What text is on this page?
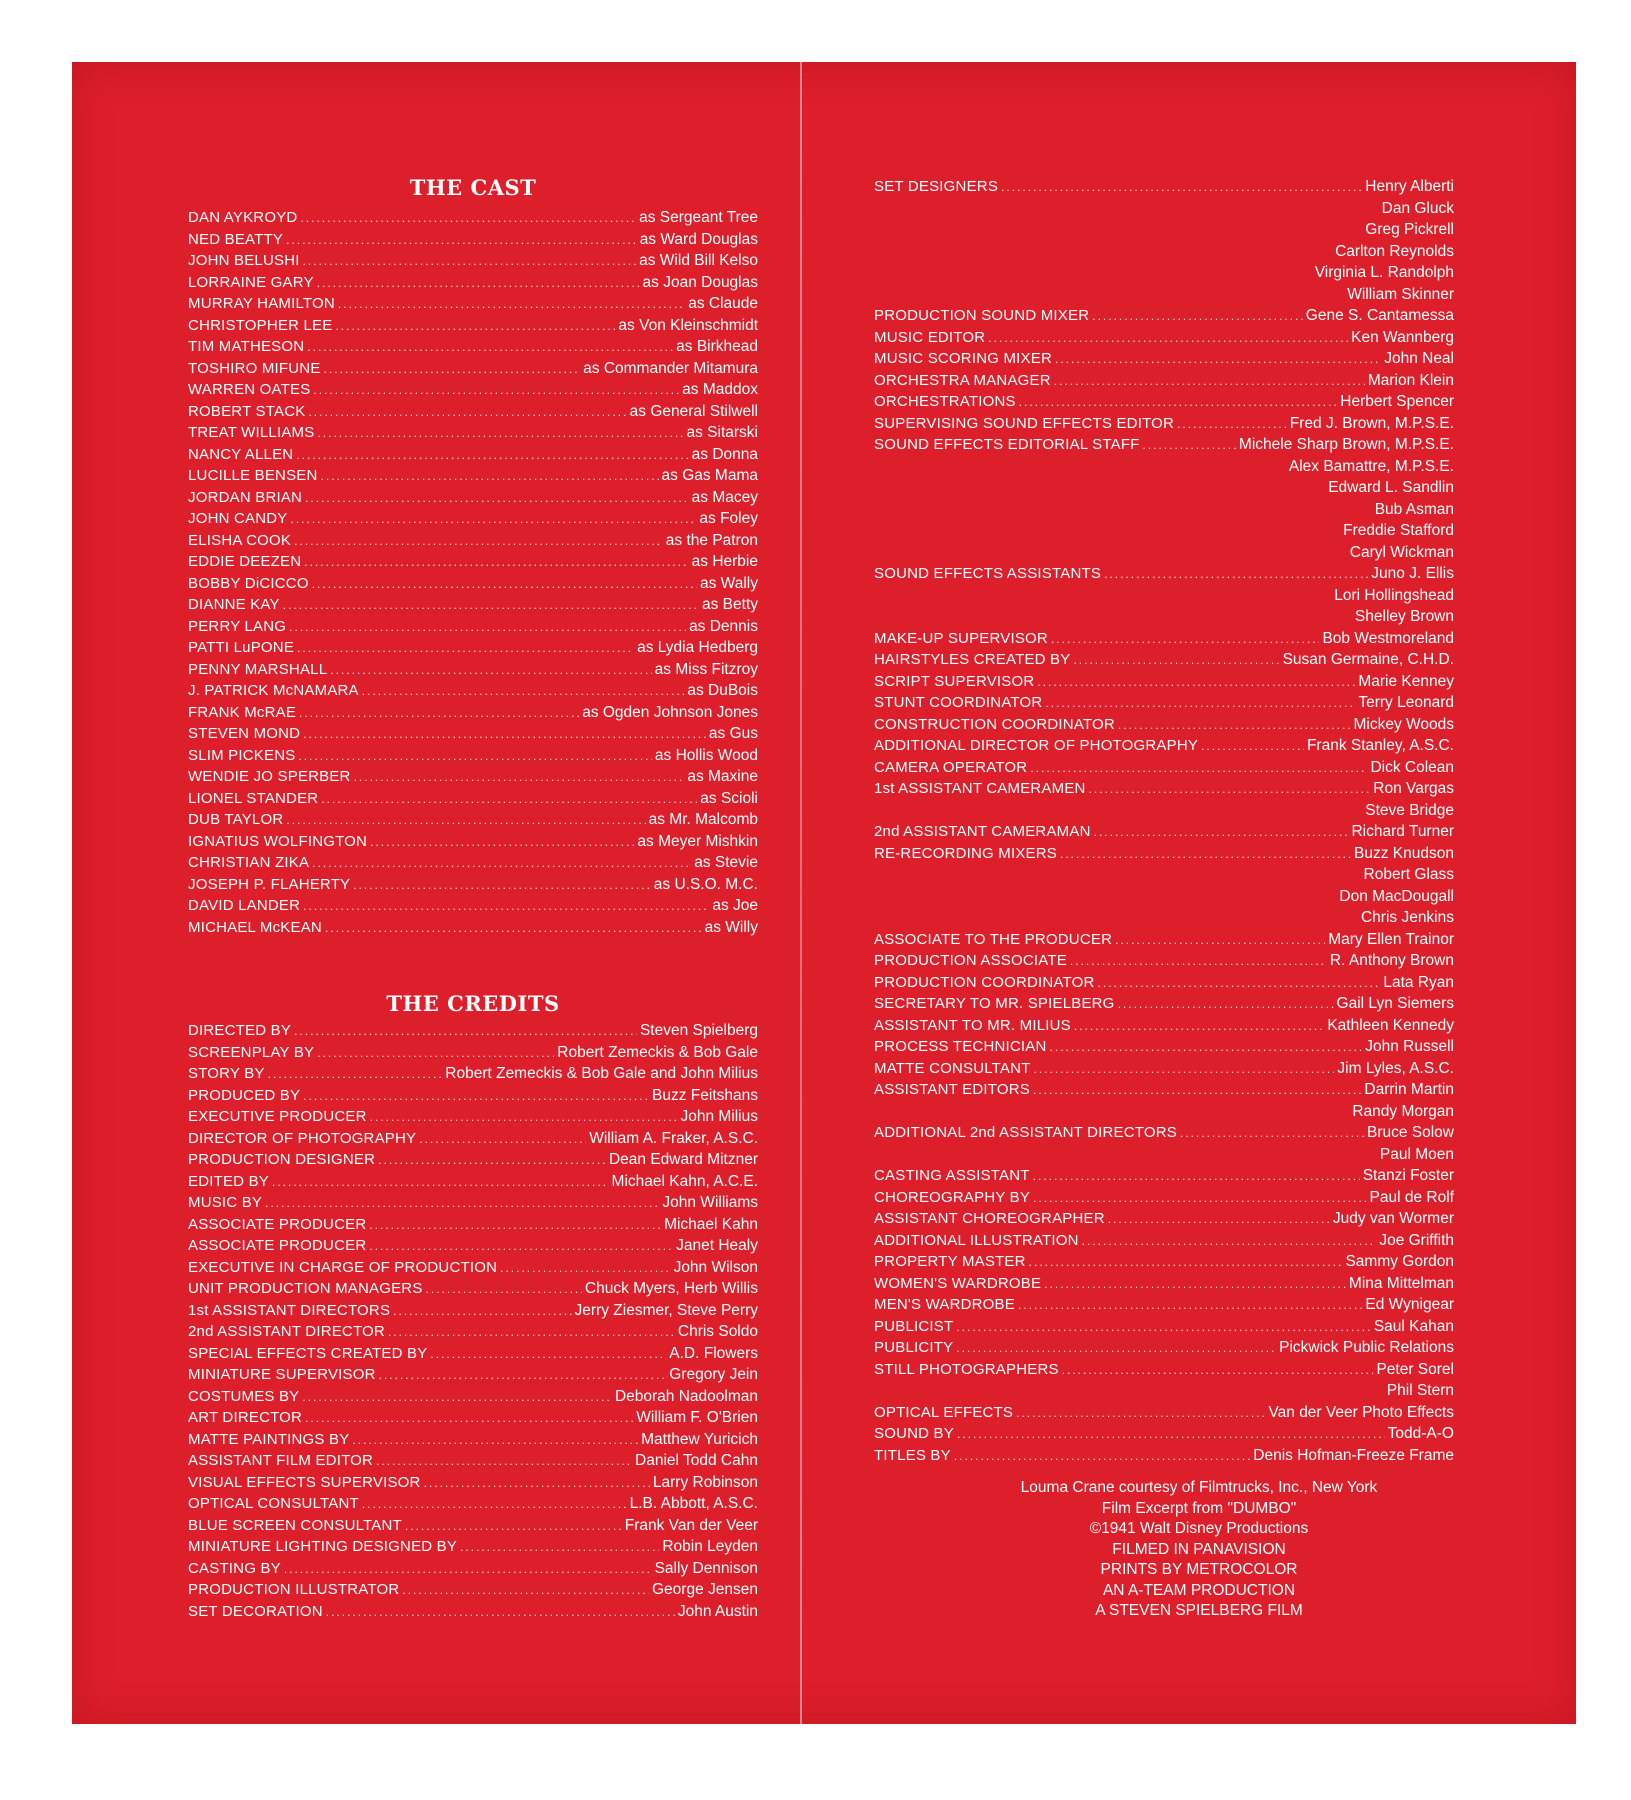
THE CAST
DAN AYKROYD .....	as Sergeant Tree
NED BEATTY .....	as Ward Douglas
JOHN BELUSHI .....	as Wild Bill Kelso
LORRAINE GARY .....	as Joan Douglas
MURRAY HAMILTON .....	as Claude
CHRISTOPHER LEE .....	as Von Kleinschmidt
TIM MATHESON .....	as Birkhead
TOSHIRO MIFUNE .....	as Commander Mitamura
WARREN OATES .....	as Maddox
ROBERT STACK .....	as General Stilwell
TREAT WILLIAMS .....	as Sitarski
NANCY ALLEN .....	as Donna
LUCILLE BENSEN .....	as Gas Mama
JORDAN BRIAN .....	as Macey
JOHN CANDY .....	as Foley
ELISHA COOK .....	as the Patron
EDDIE DEEZEN .....	as Herbie
BOBBY DiCICCO .....	as Wally
DIANNE KAY .....	as Betty
PERRY LANG .....	as Dennis
PATTI LuPONE .....	as Lydia Hedberg
PENNY MARSHALL .....	as Miss Fitzroy
J. PATRICK McNAMARA .....	as DuBois
FRANK McRAE .....	as Ogden Johnson Jones
STEVEN MOND .....	as Gus
SLIM PICKENS .....	as Hollis Wood
WENDIE JO SPERBER .....	as Maxine
LIONEL STANDER .....	as Scioli
DUB TAYLOR .....	as Mr. Malcomb
IGNATIUS WOLFINGTON .....	as Meyer Mishkin
CHRISTIAN ZIKA .....	as Stevie
JOSEPH P. FLAHERTY .....	as U.S.O. M.C.
DAVID LANDER .....	as Joe
MICHAEL McKEAN .....	as Willy
THE CREDITS
DIRECTED BY .....	Steven Spielberg
SCREENPLAY BY .....	Robert Zemeckis & Bob Gale
STORY BY .....	Robert Zemeckis & Bob Gale and John Milius
PRODUCED BY .....	Buzz Feitshans
EXECUTIVE PRODUCER .....	John Milius
DIRECTOR OF PHOTOGRAPHY .....	William A. Fraker, A.S.C.
PRODUCTION DESIGNER .....	Dean Edward Mitzner
EDITED BY .....	Michael Kahn, A.C.E.
MUSIC BY .....	John Williams
ASSOCIATE PRODUCER .....	Michael Kahn
ASSOCIATE PRODUCER .....	Janet Healy
EXECUTIVE IN CHARGE OF PRODUCTION .....	John Wilson
UNIT PRODUCTION MANAGERS .....	Chuck Myers, Herb Willis
1st ASSISTANT DIRECTORS .....	Jerry Ziesmer, Steve Perry
2nd ASSISTANT DIRECTOR .....	Chris Soldo
SPECIAL EFFECTS CREATED BY .....	A.D. Flowers
MINIATURE SUPERVISOR .....	Gregory Jein
COSTUMES BY .....	Deborah Nadoolman
ART DIRECTOR .....	William F. O'Brien
MATTE PAINTINGS BY .....	Matthew Yuricich
ASSISTANT FILM EDITOR .....	Daniel Todd Cahn
VISUAL EFFECTS SUPERVISOR .....	Larry Robinson
OPTICAL CONSULTANT .....	L.B. Abbott, A.S.C.
BLUE SCREEN CONSULTANT .....	Frank Van der Veer
MINIATURE LIGHTING DESIGNED BY .....	Robin Leyden
CASTING BY .....	Sally Dennison
PRODUCTION ILLUSTRATOR .....	George Jensen
SET DECORATION .....	John Austin
SET DESIGNERS .....	Henry Alberti
Dan Gluck
Greg Pickrell
Carlton Reynolds
Virginia L. Randolph
William Skinner
PRODUCTION SOUND MIXER .....	Gene S. Cantamessa
MUSIC EDITOR .....	Ken Wannberg
MUSIC SCORING MIXER .....	John Neal
ORCHESTRA MANAGER .....	Marion Klein
ORCHESTRATIONS .....	Herbert Spencer
SUPERVISING SOUND EFFECTS EDITOR .....	Fred J. Brown, M.P.S.E.
SOUND EFFECTS EDITORIAL STAFF .....	Michele Sharp Brown, M.P.S.E.
Alex Bamattre, M.P.S.E.
Edward L. Sandlin
Bub Asman
Freddie Stafford
Caryl Wickman
SOUND EFFECTS ASSISTANTS .....	Juno J. Ellis
Lori Hollingshead
Shelley Brown
MAKE-UP SUPERVISOR .....	Bob Westmoreland
HAIRSTYLES CREATED BY .....	Susan Germaine, C.H.D.
SCRIPT SUPERVISOR .....	Marie Kenney
STUNT COORDINATOR .....	Terry Leonard
CONSTRUCTION COORDINATOR .....	Mickey Woods
ADDITIONAL DIRECTOR OF PHOTOGRAPHY .....	Frank Stanley, A.S.C.
CAMERA OPERATOR .....	Dick Colean
1st ASSISTANT CAMERAMEN .....	Ron Vargas
Steve Bridge
2nd ASSISTANT CAMERAMAN .....	Richard Turner
RE-RECORDING MIXERS .....	Buzz Knudson
Robert Glass
Don MacDougall
Chris Jenkins
ASSOCIATE TO THE PRODUCER .....	Mary Ellen Trainor
PRODUCTION ASSOCIATE .....	R. Anthony Brown
PRODUCTION COORDINATOR .....	Lata Ryan
SECRETARY TO MR. SPIELBERG .....	Gail Lyn Siemers
ASSISTANT TO MR. MILIUS .....	Kathleen Kennedy
PROCESS TECHNICIAN .....	John Russell
MATTE CONSULTANT .....	Jim Lyles, A.S.C.
ASSISTANT EDITORS .....	Darrin Martin
Randy Morgan
ADDITIONAL 2nd ASSISTANT DIRECTORS .....	Bruce Solow
Paul Moen
CASTING ASSISTANT .....	Stanzi Foster
CHOREOGRAPHY BY .....	Paul de Rolf
ASSISTANT CHOREOGRAPHER .....	Judy van Wormer
ADDITIONAL ILLUSTRATION .....	Joe Griffith
PROPERTY MASTER .....	Sammy Gordon
WOMEN'S WARDROBE .....	Mina Mittelman
MEN'S WARDROBE .....	Ed Wynigear
PUBLICIST .....	Saul Kahan
PUBLICITY .....	Pickwick Public Relations
STILL PHOTOGRAPHERS .....	Peter Sorel
Phil Stern
OPTICAL EFFECTS .....	Van der Veer Photo Effects
SOUND BY .....	Todd-A-O
TITLES BY .....	Denis Hofman-Freeze Frame
Louma Crane courtesy of Filmtrucks, Inc., New York
Film Excerpt from "DUMBO"
©1941 Walt Disney Productions
FILMED IN PANAVISION
PRINTS BY METROCOLOR
AN A-TEAM PRODUCTION
A STEVEN SPIELBERG FILM
